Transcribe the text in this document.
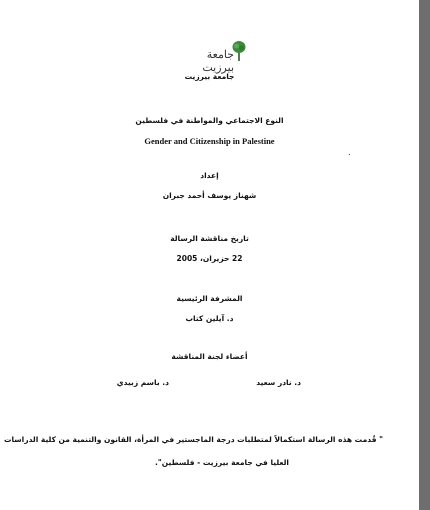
جامعة بيرزيت
جامعة بيرزيت
النوع الاجتماعي والمواطنة في فلسطين
Gender and Citizenship in Palestine
.
إعداد
شهناز يوسف أحمد جبران
تاريخ مناقشة الرسالة
22 حزيران، 2005
المشرفة الرئيسية
د. آيلين كتاب
أعضاء لجنة المناقشة
د. نادر سعيد
د. باسم زبيدي
" قُدمت هذه الرسالة استكمالاً لمتطلبات درجة الماجستير في المرأة، القانون والتنمية من كلية الدراسات
العليا في جامعة بيرزيت - فلسطين".
